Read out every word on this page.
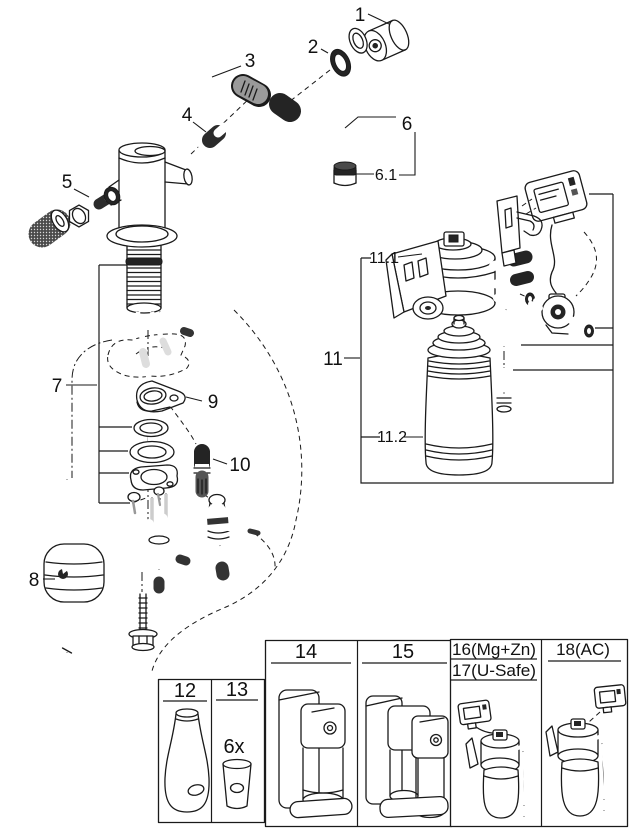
1
2
3
4
5
6
6.1
7
8
9
10
11
11.1
11.2
12 13
6x
14	15 16(Mg+Zn)
17(U-Safe)
18(AC)
